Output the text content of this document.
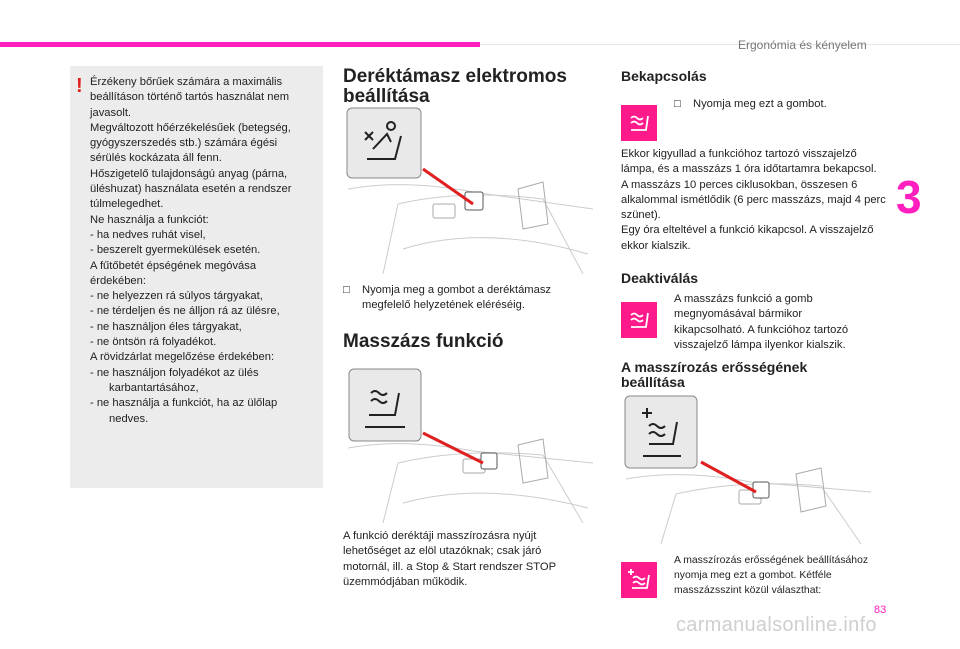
Ergonómia és kényelem
3
83
carmanualsonline.info
! Érzékeny bőrűek számára a maximális beállításon történő tartós használat nem javasolt.

Megváltozott hőérzékelésűek (betegség, gyógyszerszedés stb.) számára égési sérülés kockázata áll fenn.

Hőszigetelő tulajdonságú anyag (párna, üléshuzat) használata esetén a rendszer túlmelegedhet.

Ne használja a funkciót:

- ha nedves ruhát visel,

- beszerelt gyermekülések esetén.

A fűtőbetét épségének megóvása érdekében:

- ne helyezzen rá súlyos tárgyakat,

- ne térdeljen és ne álljon rá az ülésre,

- ne használjon éles tárgyakat,

- ne öntsön rá folyadékot.

A rövidzárlat megelőzése érdekében:

- ne használjon folyadékot az ülés karbantartásához,

- ne használja a funkciót, ha az ülőlap nedves.

Deréktámasz elektromos
beállítása
□ Nyomja meg a gombot a deréktámasz megfelelő helyzetének eléréséig.
Masszázs funkció
A funkció deréktáji masszírozásra nyújt lehetőséget az elöl utazóknak; csak járó motornál, ill. a Stop & Start rendszer STOP üzemmódjában működik.
Bekapcsolás
□ Nyomja meg ezt a gombot.
Ekkor kigyullad a funkcióhoz tartozó visszajelző lámpa, és a masszázs 1 óra időtartamra bekapcsol.
A masszázs 10 perces ciklusokban, összesen 6 alkalommal ismétlődik (6 perc masszázs, majd 4 perc szünet).
Egy óra elteltével a funkció kikapcsol. A visszajelző ekkor kialszik.
Deaktiválás
A masszázs funkció a gomb megnyomásával bármikor kikapcsolható. A funkcióhoz tartozó visszajelző lámpa ilyenkor kialszik.
A masszírozás erősségének
beállítása
A masszírozás erősségének beállításához nyomja meg ezt a gombot. Kétféle masszázsszint közül választhat:
